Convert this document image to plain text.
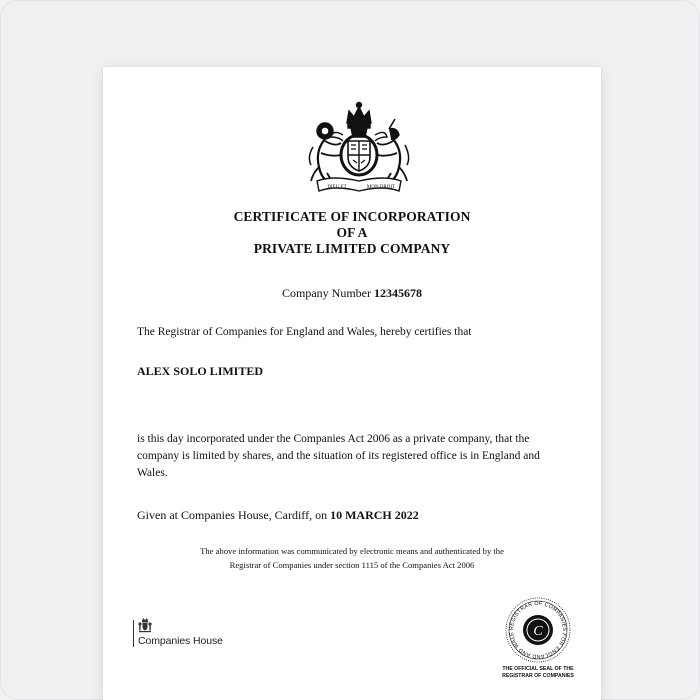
DIEU ET	MON DROIT
CERTIFICATE OF INCORPORATION
OF A
PRIVATE LIMITED COMPANY
Company Number 12345678
The Registrar of Companies for England and Wales, hereby certifies that
ALEX SOLO LIMITED
is this day incorporated under the Companies Act 2006 as a private company, that the company is limited by shares, and the situation of its registered office is in England and Wales.
Given at Companies House, Cardiff, on 10 MARCH 2022
The above information was communicated by electronic means and authenticated by the
Registrar of Companies under section 1115 of the Companies Act 2006
Companies House
REGISTRAR OF COMPANIES FOR ENGLAND AND WALE	C
THE OFFICIAL SEAL OF THE
REGISTRAR OF COMPANIES
